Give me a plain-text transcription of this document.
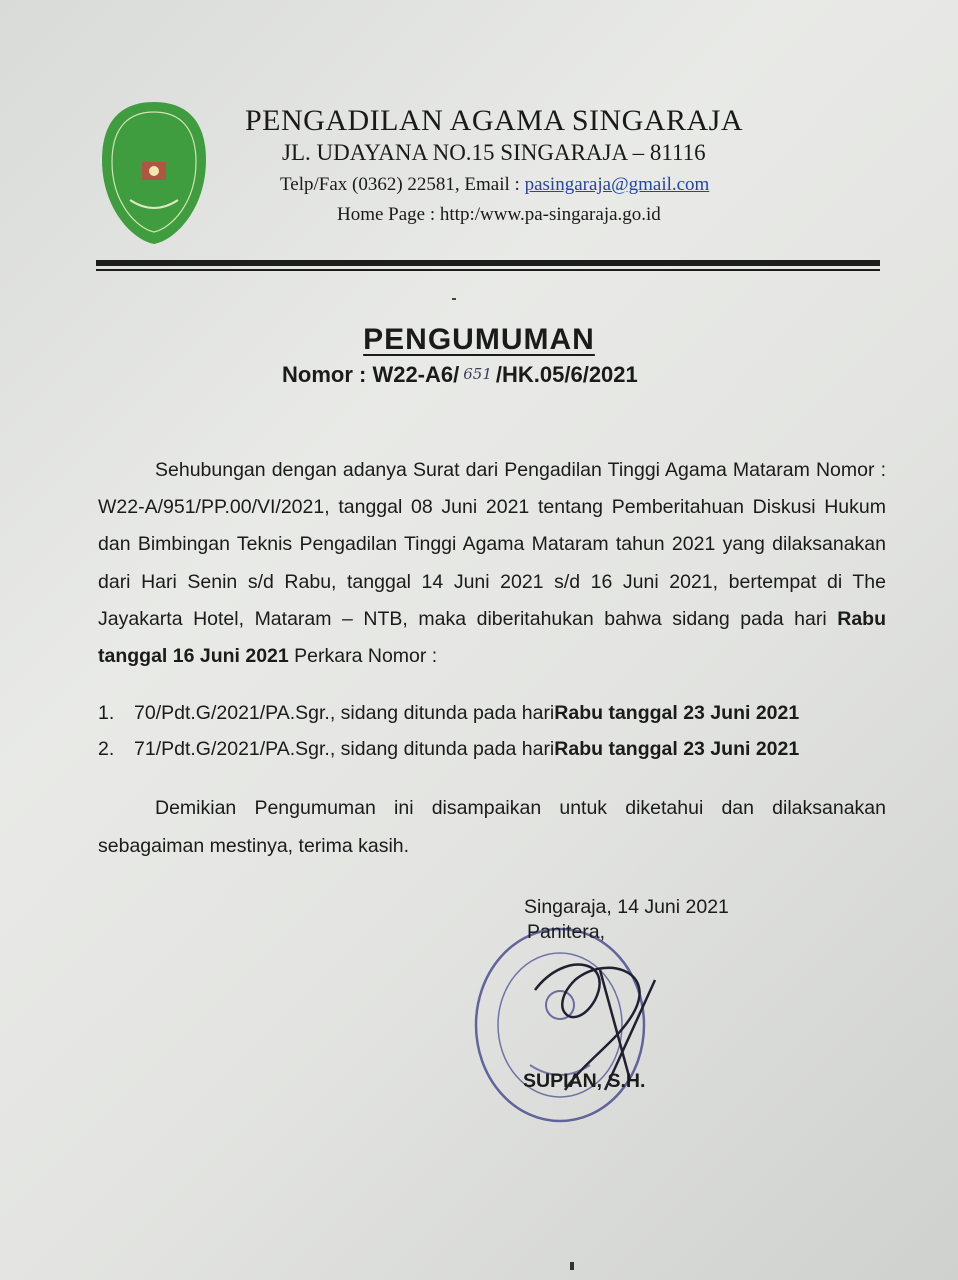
PENGADILAN AGAMA SINGARAJA
JL. UDAYANA NO.15 SINGARAJA – 81116
Telp/Fax (0362) 22581, Email : pasingaraja@gmail.com
Home Page : http:/www.pa-singaraja.go.id
PENGUMUMAN
Nomor : W22-A6/ 651 /HK.05/6/2021

Sehubungan dengan adanya Surat dari Pengadilan Tinggi Agama Mataram Nomor : W22-A/951/PP.00/VI/2021, tanggal 08 Juni 2021 tentang Pemberitahuan Diskusi Hukum dan Bimbingan Teknis Pengadilan Tinggi Agama Mataram tahun 2021 yang dilaksanakan dari Hari Senin s/d Rabu, tanggal 14 Juni 2021 s/d 16 Juni 2021, bertempat di The Jayakarta Hotel, Mataram – NTB, maka diberitahukan bahwa sidang pada hari Rabu tanggal 16 Juni 2021 Perkara Nomor :

1.	70/Pdt.G/2021/PA.Sgr., sidang ditunda pada hari Rabu tanggal 23 Juni 2021
2.	71/Pdt.G/2021/PA.Sgr., sidang ditunda pada hari Rabu tanggal 23 Juni 2021

Demikian Pengumuman ini disampaikan untuk diketahui dan dilaksanakan sebagaiman mestinya, terima kasih.

Singaraja, 14 Juni 2021
Panitera,
SUPIAN, S.H.
